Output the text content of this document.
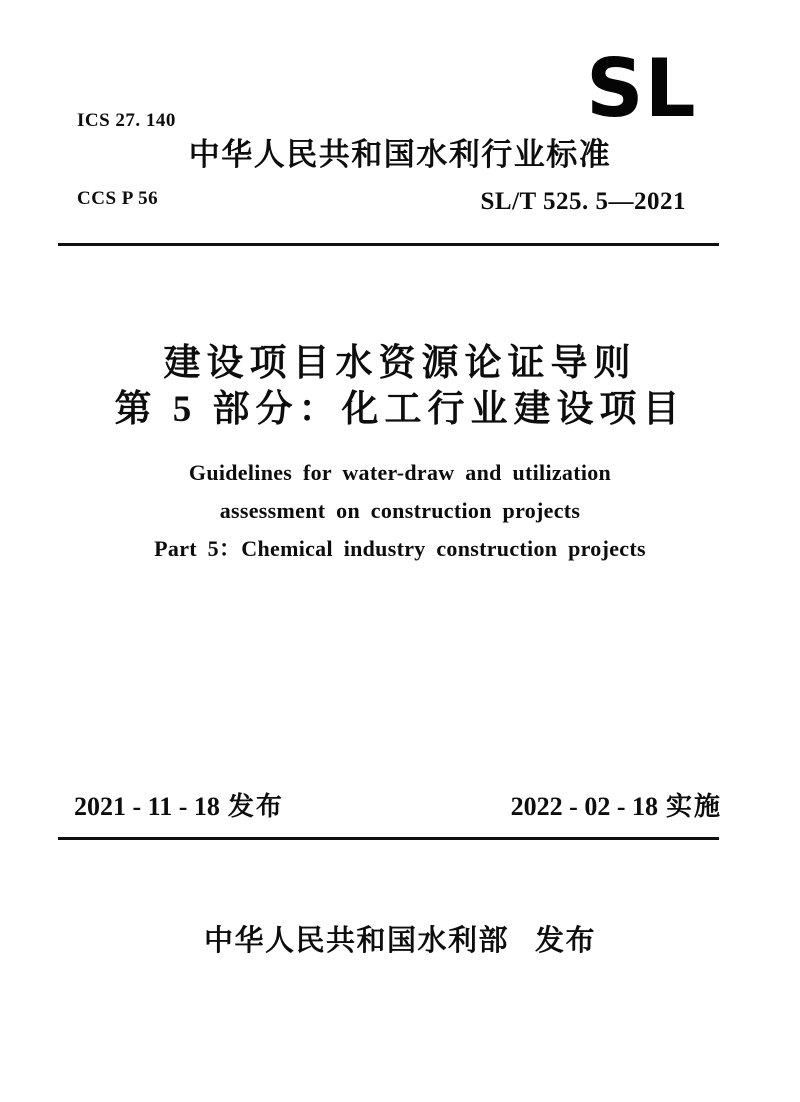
ICS 27. 140

CCS P 56

SL
中华人民共和国水利行业标准
SL/T 525. 5—2021
建设项目水资源论证导则
第 5 部分：化工行业建设项目
Guidelines for water-draw and utilization
assessment on construction projects
Part 5：Chemical industry construction projects
2021 - 11 - 18 发布	2022 - 02 - 18 实施
中华人民共和国水利部 发布
